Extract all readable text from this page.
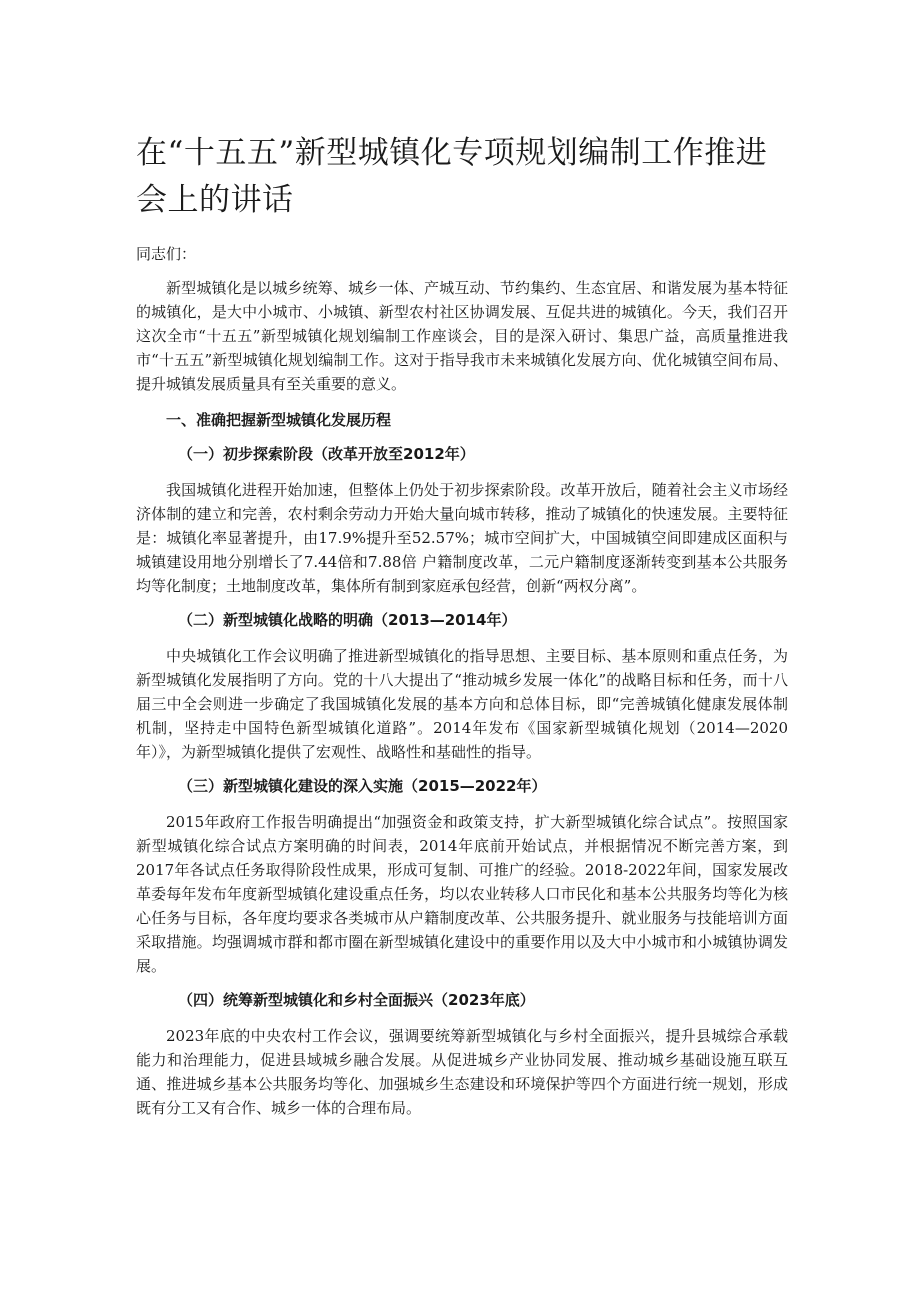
在“十五五”新型城镇化专项规划编制工作推进会上的讲话

同志们：

新型城镇化是以城乡统筹、城乡一体、产城互动、节约集约、生态宜居、和谐发展为基本特征的城镇化，是大中小城市、小城镇、新型农村社区协调发展、互促共进的城镇化。今天，我们召开这次全市“十五五”新型城镇化规划编制工作座谈会，目的是深入研讨、集思广益，高质量推进我市“十五五”新型城镇化规划编制工作。这对于指导我市未来城镇化发展方向、优化城镇空间布局、提升城镇发展质量具有至关重要的意义。

一、准确把握新型城镇化发展历程
（一）初步探索阶段（改革开放至2012年）

我国城镇化进程开始加速，但整体上仍处于初步探索阶段。改革开放后，随着社会主义市场经济体制的建立和完善，农村剩余劳动力开始大量向城市转移，推动了城镇化的快速发展。主要特征是：城镇化率显著提升，由17.9%提升至52.57%；城市空间扩大，中国城镇空间即建成区面积与城镇建设用地分别增长了7.44倍和7.88倍 户籍制度改革，二元户籍制度逐渐转变到基本公共服务均等化制度；土地制度改革，集体所有制到家庭承包经营，创新“两权分离”。

（二）新型城镇化战略的明确（2013—2014年）

中央城镇化工作会议明确了推进新型城镇化的指导思想、主要目标、基本原则和重点任务，为新型城镇化发展指明了方向。党的十八大提出了“推动城乡发展一体化”的战略目标和任务，而十八届三中全会则进一步确定了我国城镇化发展的基本方向和总体目标，即“完善城镇化健康发展体制机制，坚持走中国特色新型城镇化道路”。2014年发布《国家新型城镇化规划（2014—2020年）》，为新型城镇化提供了宏观性、战略性和基础性的指导。

（三）新型城镇化建设的深入实施（2015—2022年）

2015年政府工作报告明确提出“加强资金和政策支持，扩大新型城镇化综合试点”。按照国家新型城镇化综合试点方案明确的时间表，2014年底前开始试点，并根据情况不断完善方案，到2017年各试点任务取得阶段性成果，形成可复制、可推广的经验。2018-2022年间，国家发展改革委每年发布年度新型城镇化建设重点任务，均以农业转移人口市民化和基本公共服务均等化为核心任务与目标，各年度均要求各类城市从户籍制度改革、公共服务提升、就业服务与技能培训方面采取措施。均强调城市群和都市圈在新型城镇化建设中的重要作用以及大中小城市和小城镇协调发展。

（四）统筹新型城镇化和乡村全面振兴（2023年底）

2023年底的中央农村工作会议，强调要统筹新型城镇化与乡村全面振兴，提升县城综合承载能力和治理能力，促进县域城乡融合发展。从促进城乡产业协同发展、推动城乡基础设施互联互通、推进城乡基本公共服务均等化、加强城乡生态建设和环境保护等四个方面进行统一规划，形成既有分工又有合作、城乡一体的合理布局。
